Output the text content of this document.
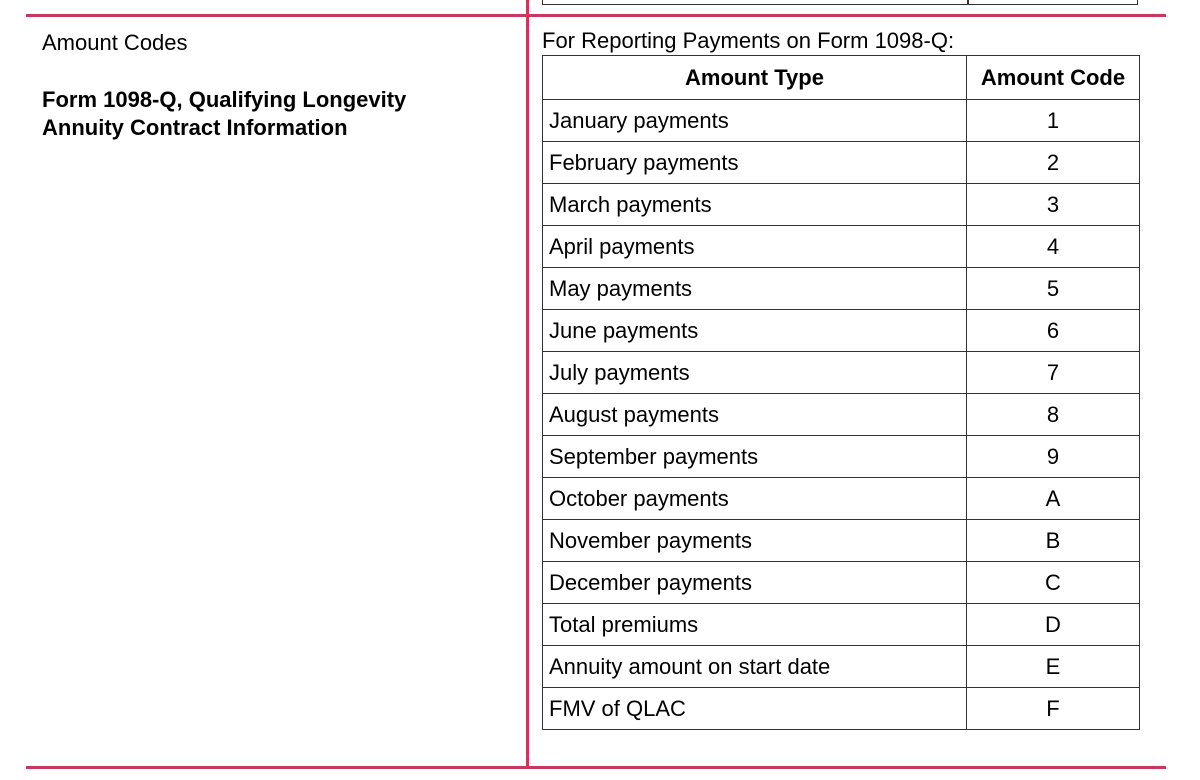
Amount Codes

Form 1098-Q, Qualifying Longevity Annuity Contract Information

For Reporting Payments on Form 1098-Q:

Amount Type	Amount Code
January payments	1
February payments	2
March payments	3
April payments	4
May payments	5
June payments	6
July payments	7
August payments	8
September payments	9
October payments	A
November payments	B
December payments	C
Total premiums	D
Annuity amount on start date	E
FMV of QLAC	F
